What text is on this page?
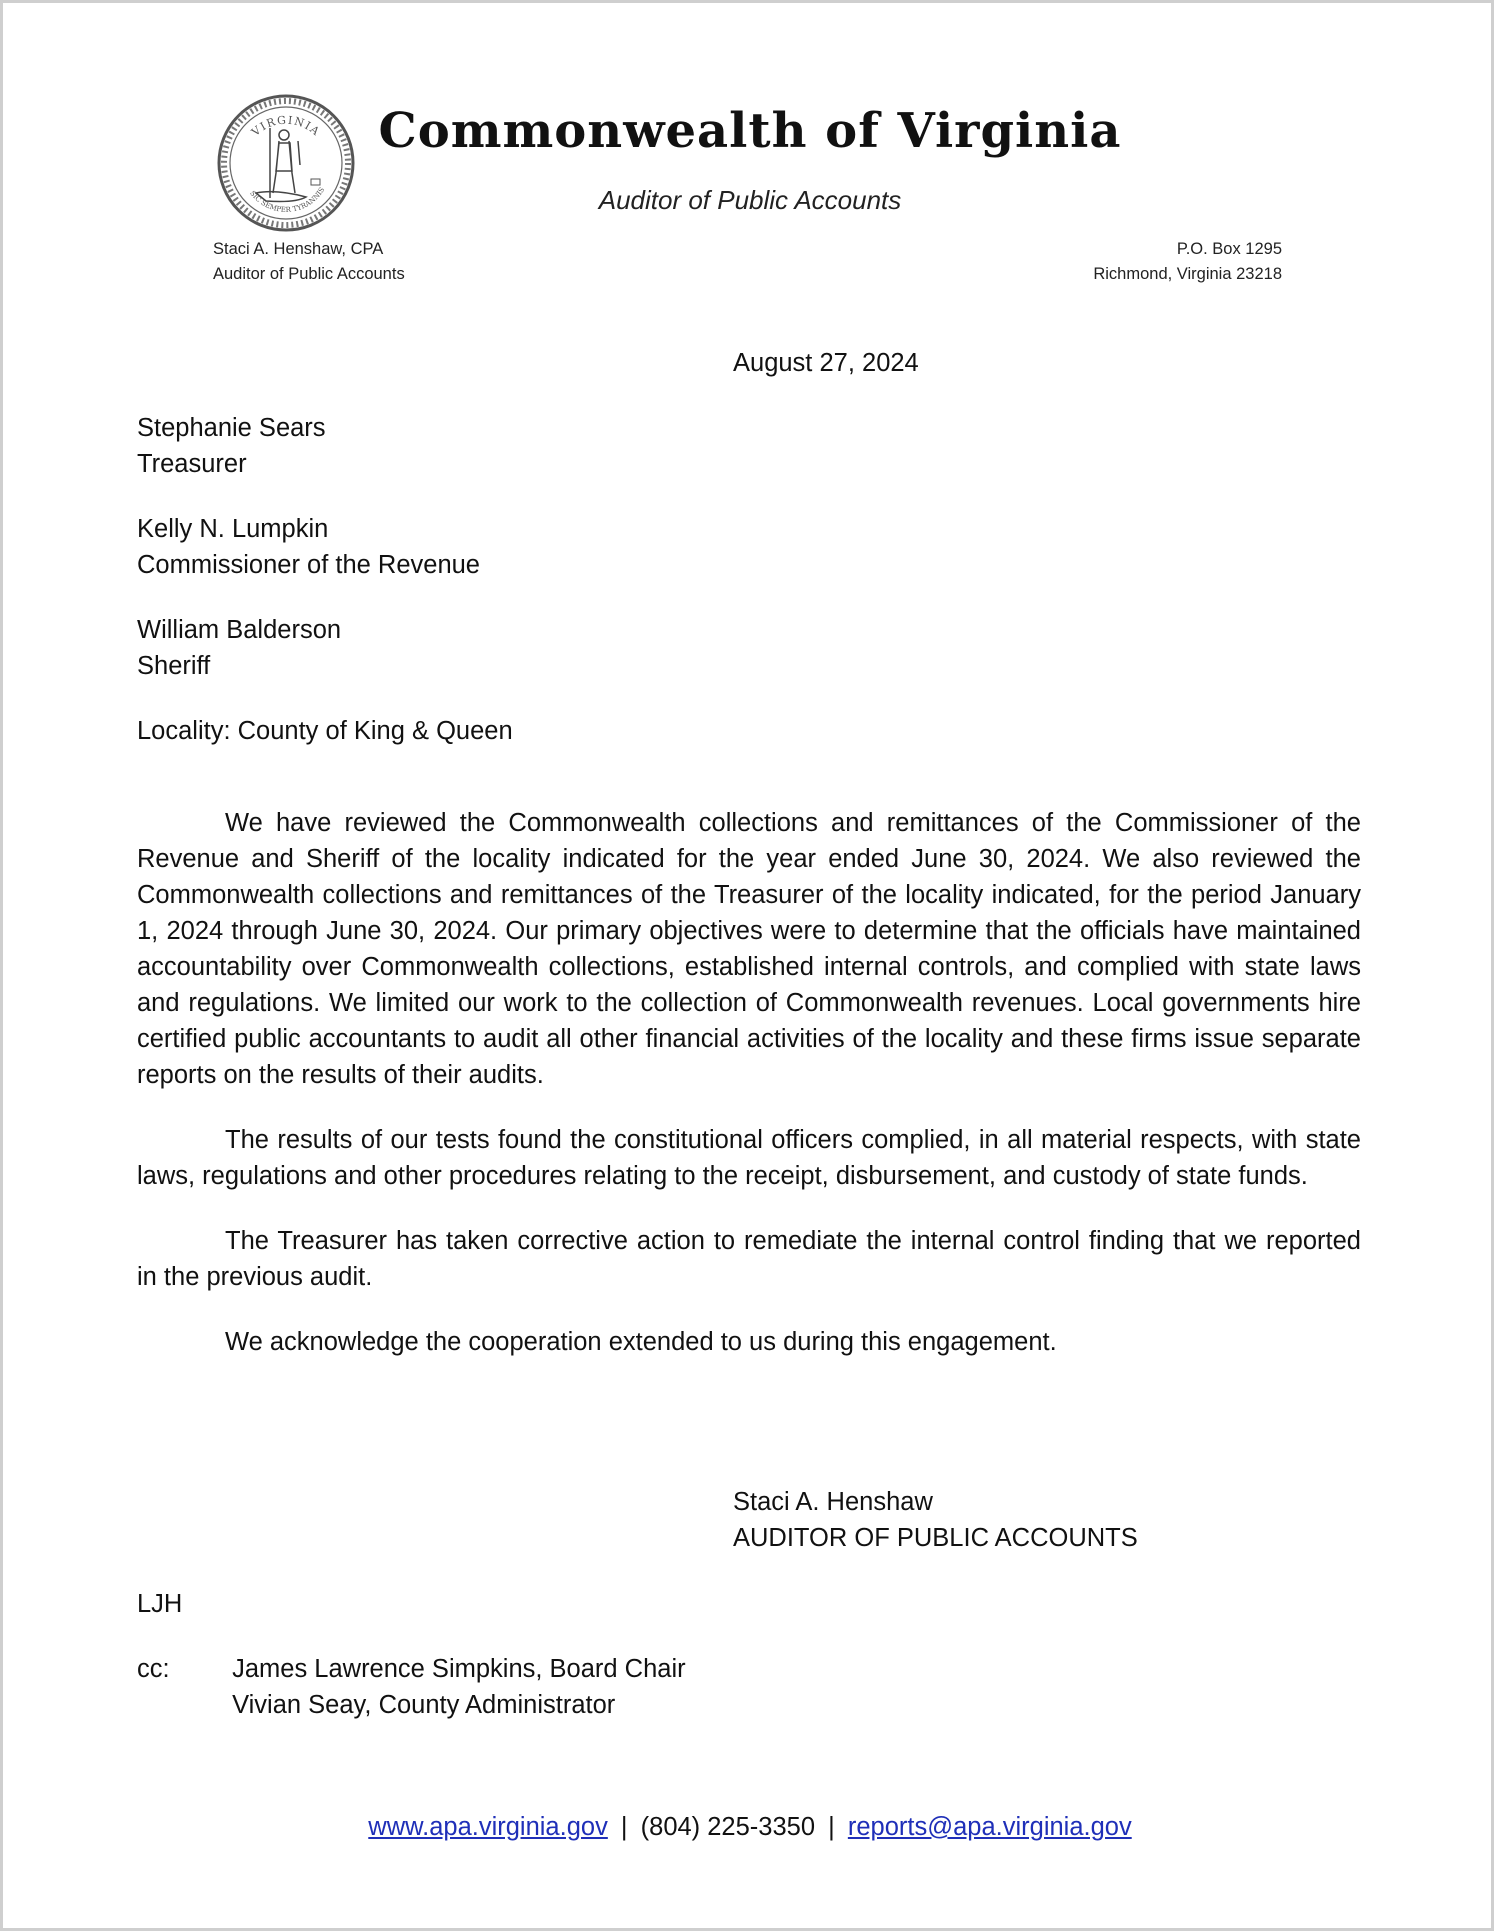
VIRGINIA
SIC SEMPER TYRANNIS
Commonwealth of Virginia
Auditor of Public Accounts
Staci A. Henshaw, CPA
Auditor of Public Accounts
P.O. Box 1295
Richmond, Virginia 23218
August 27, 2024
Stephanie Sears
Treasurer
Kelly N. Lumpkin
Commissioner of the Revenue
William Balderson
Sheriff
Locality: County of King & Queen

We have reviewed the Commonwealth collections and remittances of the Commissioner of the Revenue and Sheriff of the locality indicated for the year ended June 30, 2024. We also reviewed the Commonwealth collections and remittances of the Treasurer of the locality indicated, for the period January 1, 2024 through June 30, 2024. Our primary objectives were to determine that the officials have maintained accountability over Commonwealth collections, established internal controls, and complied with state laws and regulations. We limited our work to the collection of Commonwealth revenues. Local governments hire certified public accountants to audit all other financial activities of the locality and these firms issue separate reports on the results of their audits.

The results of our tests found the constitutional officers complied, in all material respects, with state laws, regulations and other procedures relating to the receipt, disbursement, and custody of state funds.

The Treasurer has taken corrective action to remediate the internal control finding that we reported in the previous audit.

We acknowledge the cooperation extended to us during this engagement.

Staci A. Henshaw
AUDITOR OF PUBLIC ACCOUNTS
LJH
cc: James Lawrence Simpkins, Board Chair
Vivian Seay, County Administrator
www.apa.virginia.gov | (804) 225-3350 | reports@apa.virginia.gov
